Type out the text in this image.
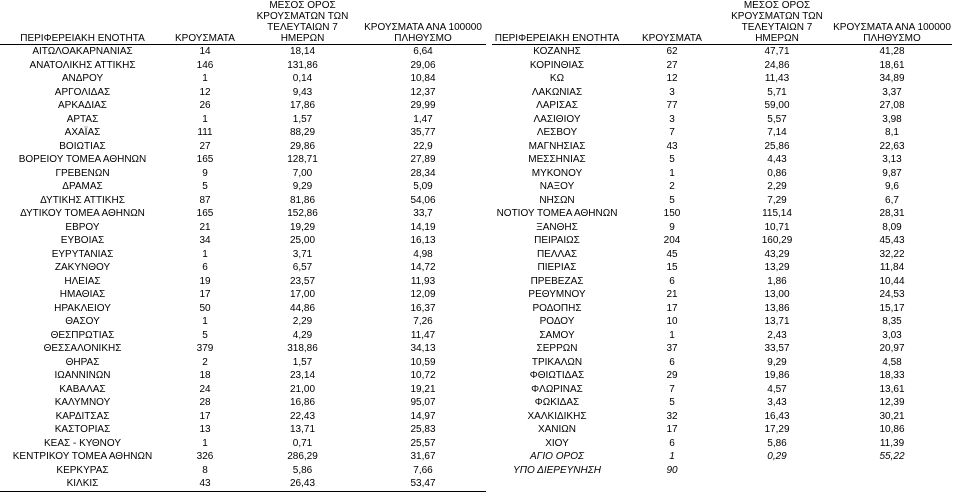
ΠΕΡΙΦΕΡΕΙΑΚΗ ΕΝΟΤΗΤΑ	ΚΡΟΥΣΜΑΤΑ	ΜΕΣΟΣ ΟΡΟΣ ΚΡΟΥΣΜΑΤΩΝ ΤΩΝ ΤΕΛΕΥΤΑΙΩΝ 7 ΗΜΕΡΩΝ	ΚΡΟΥΣΜΑΤΑ ΑΝΑ 100000 ΠΛΗΘΥΣΜΟ
ΑΙΤΩΛΟΑΚΑΡΝΑΝΙΑΣ	14	18,14	6,64
ΑΝΑΤΟΛΙΚΗΣ ΑΤΤΙΚΗΣ	146	131,86	29,06
ΑΝΔΡΟΥ	1	0,14	10,84
ΑΡΓΟΛΙΔΑΣ	12	9,43	12,37
ΑΡΚΑΔΙΑΣ	26	17,86	29,99
ΑΡΤΑΣ	1	1,57	1,47
ΑΧΑΪΑΣ	111	88,29	35,77
ΒΟΙΩΤΙΑΣ	27	29,86	22,9
ΒΟΡΕΙΟΥ ΤΟΜΕΑ ΑΘΗΝΩΝ	165	128,71	27,89
ΓΡΕΒΕΝΩΝ	9	7,00	28,34
ΔΡΑΜΑΣ	5	9,29	5,09
ΔΥΤΙΚΗΣ ΑΤΤΙΚΗΣ	87	81,86	54,06
ΔΥΤΙΚΟΥ ΤΟΜΕΑ ΑΘΗΝΩΝ	165	152,86	33,7
ΕΒΡΟΥ	21	19,29	14,19
ΕΥΒΟΙΑΣ	34	25,00	16,13
ΕΥΡΥΤΑΝΙΑΣ	1	3,71	4,98
ΖΑΚΥΝΘΟΥ	6	6,57	14,72
ΗΛΕΙΑΣ	19	23,57	11,93
ΗΜΑΘΙΑΣ	17	17,00	12,09
ΗΡΑΚΛΕΙΟΥ	50	44,86	16,37
ΘΑΣΟΥ	1	2,29	7,26
ΘΕΣΠΡΩΤΙΑΣ	5	4,29	11,47
ΘΕΣΣΑΛΟΝΙΚΗΣ	379	318,86	34,13
ΘΗΡΑΣ	2	1,57	10,59
ΙΩΑΝΝΙΝΩΝ	18	23,14	10,72
ΚΑΒΑΛΑΣ	24	21,00	19,21
ΚΑΛΥΜΝΟΥ	28	16,86	95,07
ΚΑΡΔΙΤΣΑΣ	17	22,43	14,97
ΚΑΣΤΟΡΙΑΣ	13	13,71	25,83
ΚΕΑΣ - ΚΥΘΝΟΥ	1	0,71	25,57
ΚΕΝΤΡΙΚΟΥ ΤΟΜΕΑ ΑΘΗΝΩΝ	326	286,29	31,67
ΚΕΡΚΥΡΑΣ	8	5,86	7,66
ΚΙΛΚΙΣ	43	26,43	53,47
ΠΕΡΙΦΕΡΕΙΑΚΗ ΕΝΟΤΗΤΑ	ΚΡΟΥΣΜΑΤΑ	ΜΕΣΟΣ ΟΡΟΣ ΚΡΟΥΣΜΑΤΩΝ ΤΩΝ ΤΕΛΕΥΤΑΙΩΝ 7 ΗΜΕΡΩΝ	ΚΡΟΥΣΜΑΤΑ ΑΝΑ 100000 ΠΛΗΘΥΣΜΟ
ΚΟΖΑΝΗΣ	62	47,71	41,28
ΚΟΡΙΝΘΙΑΣ	27	24,86	18,61
ΚΩ	12	11,43	34,89
ΛΑΚΩΝΙΑΣ	3	5,71	3,37
ΛΑΡΙΣΑΣ	77	59,00	27,08
ΛΑΣΙΘΙΟΥ	3	5,57	3,98
ΛΕΣΒΟΥ	7	7,14	8,1
ΜΑΓΝΗΣΙΑΣ	43	25,86	22,63
ΜΕΣΣΗΝΙΑΣ	5	4,43	3,13
ΜΥΚΟΝΟΥ	1	0,86	9,87
ΝΑΞΟΥ	2	2,29	9,6
ΝΗΣΩΝ	5	7,29	6,7
ΝΟΤΙΟΥ ΤΟΜΕΑ ΑΘΗΝΩΝ	150	115,14	28,31
ΞΑΝΘΗΣ	9	10,71	8,09
ΠΕΙΡΑΙΩΣ	204	160,29	45,43
ΠΕΛΛΑΣ	45	43,29	32,22
ΠΙΕΡΙΑΣ	15	13,29	11,84
ΠΡΕΒΕΖΑΣ	6	1,86	10,44
ΡΕΘΥΜΝΟΥ	21	13,00	24,53
ΡΟΔΟΠΗΣ	17	13,86	15,17
ΡΟΔΟΥ	10	13,71	8,35
ΣΑΜΟΥ	1	2,43	3,03
ΣΕΡΡΩΝ	37	33,57	20,97
ΤΡΙΚΑΛΩΝ	6	9,29	4,58
ΦΘΙΩΤΙΔΑΣ	29	19,86	18,33
ΦΛΩΡΙΝΑΣ	7	4,57	13,61
ΦΩΚΙΔΑΣ	5	3,43	12,39
ΧΑΛΚΙΔΙΚΗΣ	32	16,43	30,21
ΧΑΝΙΩΝ	17	17,29	10,86
ΧΙΟΥ	6	5,86	11,39
ΑΓΙΟ ΟΡΟΣ	1	0,29	55,22
ΥΠΟ ΔΙΕΡΕΥΝΗΣΗ	90		
